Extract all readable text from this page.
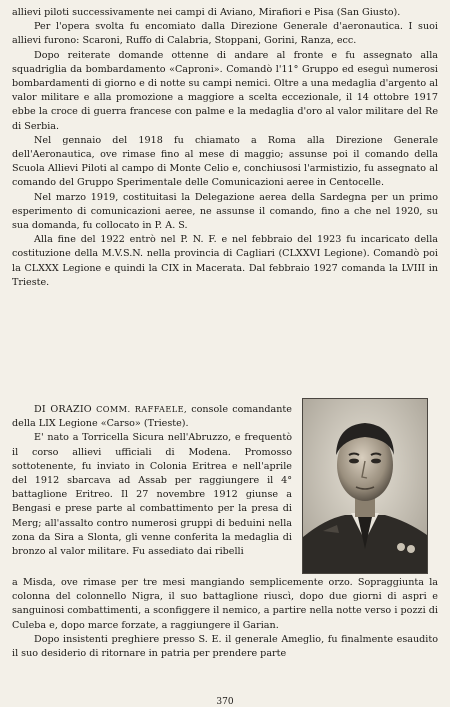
allievi piloti successivamente nei campi di Aviano, Mirafiori e Pisa (San Giusto).

Per l'opera svolta fu encomiato dalla Direzione Generale d'aeronautica. I suoi allievi furono: Scaroni, Ruffo di Calabria, Stoppani, Gorini, Ranza, ecc.

Dopo reiterate domande ottenne di andare al fronte e fu assegnato alla squadriglia da bombardamento «Caproni». Comandò l'11° Gruppo ed eseguì numerosi bombardamenti di giorno e di notte su campi nemici. Oltre a una medaglia d'argento al valor militare e alla promozione a maggiore a scelta eccezionale, il 14 ottobre 1917 ebbe la croce di guerra francese con palme e la medaglia d'oro al valor militare del Re di Serbia.

Nel gennaio del 1918 fu chiamato a Roma alla Direzione Generale dell'Aeronautica, ove rimase fino al mese di maggio; assunse poi il comando della Scuola Allievi Piloti al campo di Monte Celio e, conchiusosi l'armistizio, fu assegnato al comando del Gruppo Sperimentale delle Comunicazioni aeree in Centocelle.

Nel marzo 1919, costituitasi la Delegazione aerea della Sardegna per un primo esperimento di comunicazioni aeree, ne assunse il comando, fino a che nel 1920, su sua domanda, fu collocato in P. A. S.

Alla fine del 1922 entrò nel P. N. F. e nel febbraio del 1923 fu incaricato della costituzione della M.V.S.N. nella provincia di Cagliari (CLXXVI Legione). Comandò poi la CLXXX Legione e quindi la CIX in Macerata. Dal febbraio 1927 comanda la LVIII in Trieste.

DI ORAZIO COMM. RAFFAELE, console comandante della LIX Legione «Carso» (Trieste).

E' nato a Torricella Sicura nell'Abruzzo, e frequentò il corso allievi ufficiali di Modena. Promosso sottotenente, fu inviato in Colonia Eritrea e nell'aprile del 1912 sbarcava ad Assab per raggiungere il 4° battaglione Eritreo. Il 27 novembre 1912 giunse a Bengasi e prese parte al combattimento per la presa di Merg; all'assalto contro numerosi gruppi di beduini nella zona da Sira a Slonta, gli venne conferita la medaglia di bronzo al valor militare. Fu assediato dai ribelli

a Misda, ove rimase per tre mesi mangiando semplicemente orzo. Sopraggiunta la colonna del colonnello Nigra, il suo battaglione riuscì, dopo due giorni di aspri e sanguinosi combattimenti, a sconfiggere il nemico, a partire nella notte verso i pozzi di Culeba e, dopo marce forzate, a raggiungere il Garian.

Dopo insistenti preghiere presso S. E. il generale Ameglio, fu finalmente esaudito il suo desiderio di ritornare in patria per prendere parte

370
